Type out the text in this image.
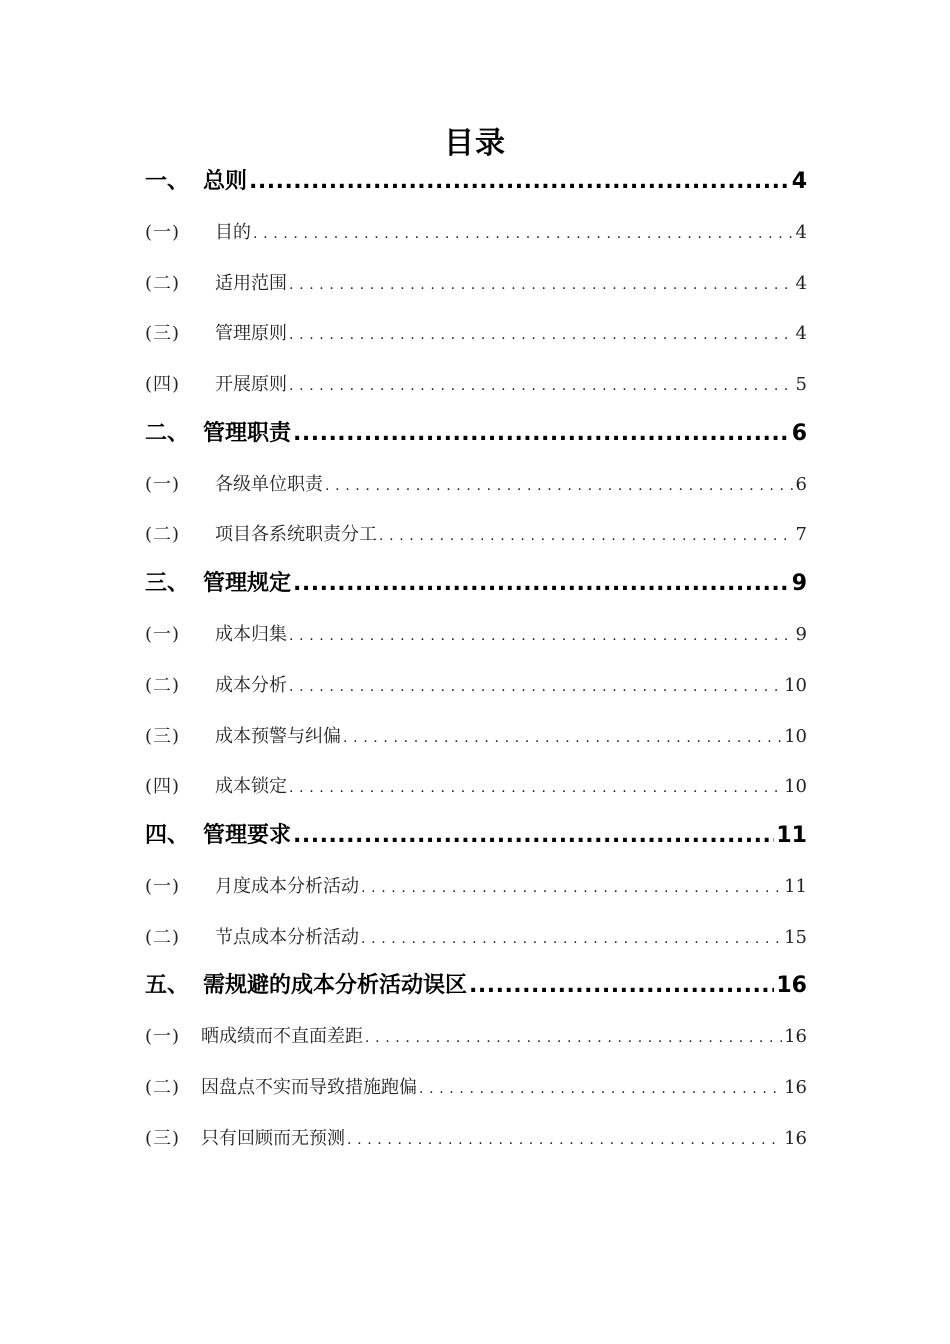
目录
一、 总则 .....	4
(一)	目的 . . .	4
(二)	适用范围 . . .	4
(三)	管理原则 . . .	4
(四)	开展原则 . . .	5
二、 管理职责 .....	6
(一)	各级单位职责 . . .	6
(二)	项目各系统职责分工 . . .	7
三、 管理规定 .....	9
(一)	成本归集 . . .	9
(二)	成本分析 . . .	10
(三)	成本预警与纠偏 . . .	10
(四)	成本锁定 . . .	10
四、 管理要求 .....	11
(一)	月度成本分析活动 . . .	11
(二)	节点成本分析活动 . . .	15
五、 需规避的成本分析活动误区 .....	16
(一)	晒成绩而不直面差距 . . .	16
(二)	因盘点不实而导致措施跑偏 . . .	16
(三)	只有回顾而无预测 . . .	16
